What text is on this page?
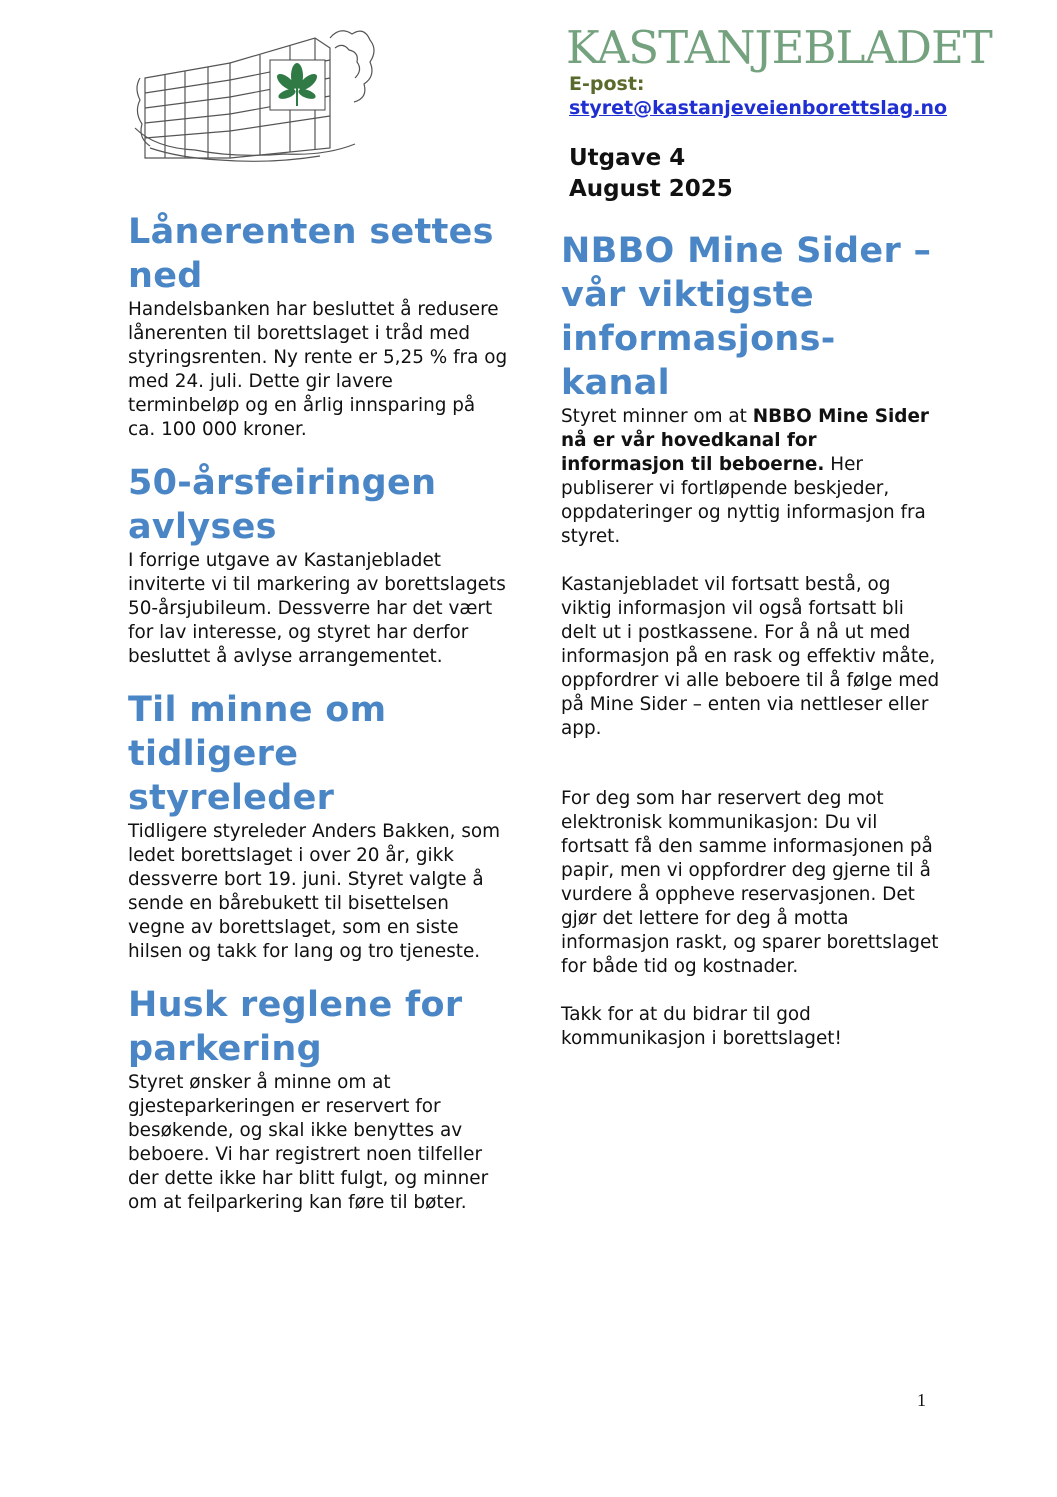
KASTANJEBLADET
E-post:
styret@kastanjeveienborettslag.no
Utgave 4
August 2025
Lånerenten settes ned

Handelsbanken har besluttet å redusere lånerenten til borettslaget i tråd med styringsrenten. Ny rente er 5,25 % fra og med 24. juli. Dette gir lavere terminbeløp og en årlig innsparing på ca. 100 000 kroner.

50-årsfeiringen avlyses

I forrige utgave av Kastanjebladet inviterte vi til markering av borettslagets 50-årsjubileum. Dessverre har det vært for lav interesse, og styret har derfor besluttet å avlyse arrangementet.

Til minne om tidligere styreleder

Tidligere styreleder Anders Bakken, som ledet borettslaget i over 20 år, gikk dessverre bort 19. juni. Styret valgte å sende en bårebukett til bisettelsen vegne av borettslaget, som en siste hilsen og takk for lang og tro tjeneste.

Husk reglene for parkering

Styret ønsker å minne om at gjesteparkeringen er reservert for besøkende, og skal ikke benyttes av beboere. Vi har registrert noen tilfeller der dette ikke har blitt fulgt, og minner om at feilparkering kan føre til bøter.

NBBO Mine Sider – vår viktigste informasjons-kanal

Styret minner om at NBBO Mine Sider nå er vår hovedkanal for informasjon til beboerne. Her publiserer vi fortløpende beskjeder, oppdateringer og nyttig informasjon fra styret.

Kastanjebladet vil fortsatt bestå, og viktig informasjon vil også fortsatt bli delt ut i postkassene. For å nå ut med informasjon på en rask og effektiv måte, oppfordrer vi alle beboere til å følge med på Mine Sider – enten via nettleser eller app.

For deg som har reservert deg mot elektronisk kommunikasjon: Du vil fortsatt få den samme informasjonen på papir, men vi oppfordrer deg gjerne til å vurdere å oppheve reservasjonen. Det gjør det lettere for deg å motta informasjon raskt, og sparer borettslaget for både tid og kostnader.

Takk for at du bidrar til god kommunikasjon i borettslaget!

1
